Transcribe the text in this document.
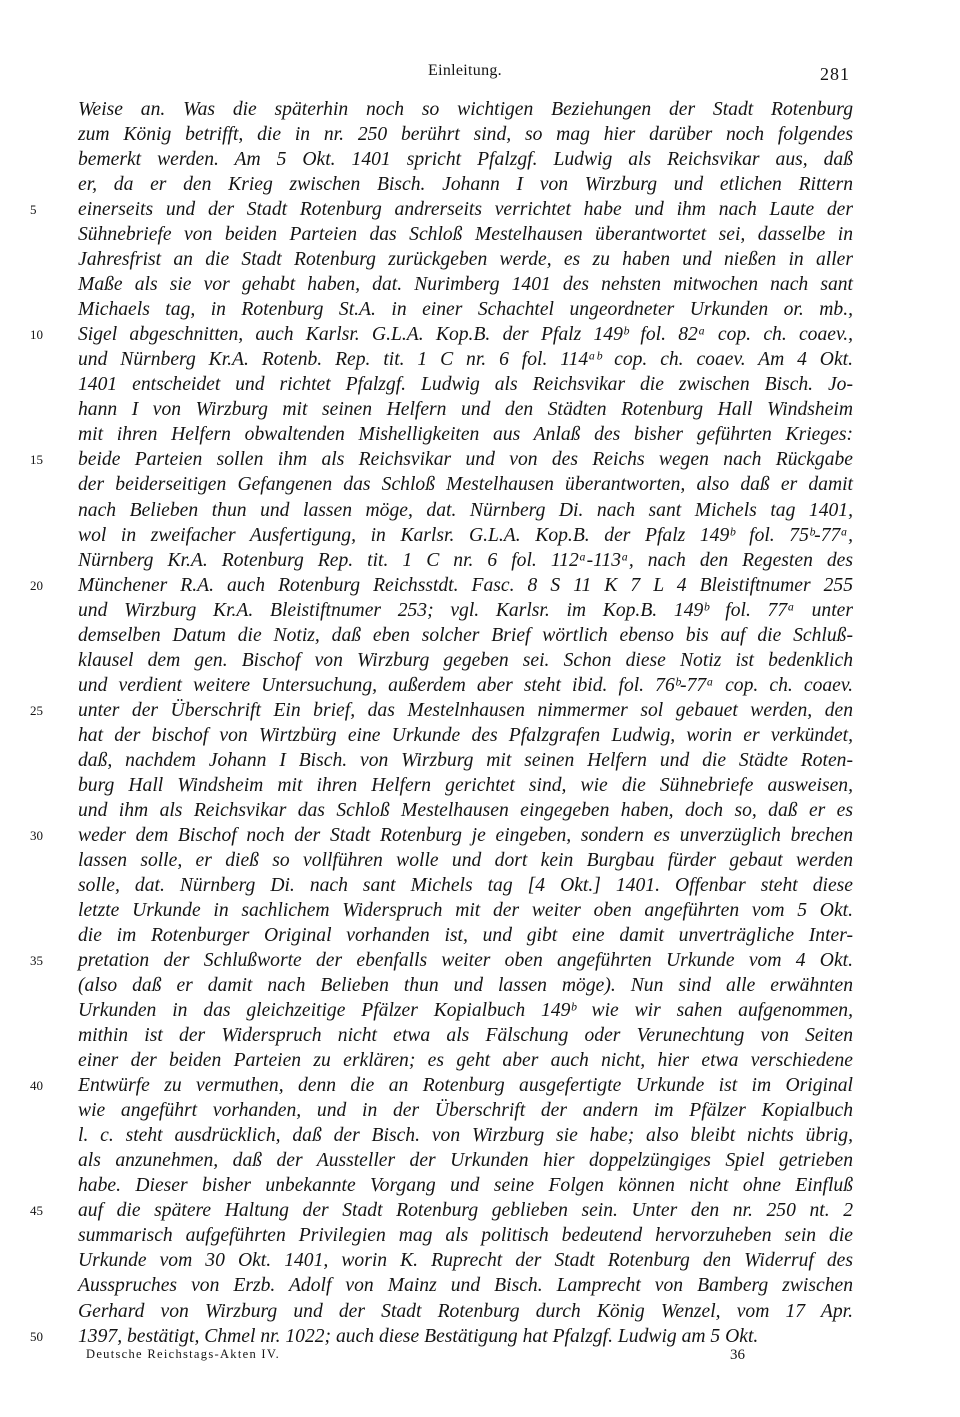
Einleitung.	281
Weise an. Was die späterhin noch so wichtigen Beziehungen der Stadt Rotenburg
zum König betrifft, die in nr. 250 berührt sind, so mag hier darüber noch folgendes
bemerkt werden. Am 5 Okt. 1401 spricht Pfalzgf. Ludwig als Reichsvikar aus, daß
er, da er den Krieg zwischen Bisch. Johann I von Wirzburg und etlichen Rittern
5	einerseits und der Stadt Rotenburg andrerseits verrichtet habe und ihm nach Laute der
Sühnebriefe von beiden Parteien das Schloß Mestelhausen überantwortet sei, dasselbe in
Jahresfrist an die Stadt Rotenburg zurückgeben werde, es zu haben und nießen in aller
Maße als sie vor gehabt haben, dat. Nurimberg 1401 des nehsten mitwochen nach sant
Michaels tag, in Rotenburg St.A. in einer Schachtel ungeordneter Urkunden or. mb.,
10	Sigel abgeschnitten, auch Karlsr. G.L.A. Kop.B. der Pfalz 149ᵇ fol. 82ᵃ cop. ch. coaev.,
und Nürnberg Kr.A. Rotenb. Rep. tit. 1 C nr. 6 fol. 114ᵃᵇ cop. ch. coaev. Am 4 Okt.
1401 entscheidet und richtet Pfalzgf. Ludwig als Reichsvikar die zwischen Bisch. Jo-
hann I von Wirzburg mit seinen Helfern und den Städten Rotenburg Hall Windsheim
mit ihren Helfern obwaltenden Mishelligkeiten aus Anlaß des bisher geführten Krieges:
15	beide Parteien sollen ihm als Reichsvikar und von des Reichs wegen nach Rückgabe
der beiderseitigen Gefangenen das Schloß Mestelhausen überantworten, also daß er damit
nach Belieben thun und lassen möge, dat. Nürnberg Di. nach sant Michels tag 1401,
wol in zweifacher Ausfertigung, in Karlsr. G.L.A. Kop.B. der Pfalz 149ᵇ fol. 75ᵇ-77ᵃ,
Nürnberg Kr.A. Rotenburg Rep. tit. 1 C nr. 6 fol. 112ᵃ-113ᵃ, nach den Regesten des
20	Münchener R.A. auch Rotenburg Reichsstdt. Fasc. 8 S 11 K 7 L 4 Bleistiftnumer 255
und Wirzburg Kr.A. Bleistiftnumer 253; vgl. Karlsr. im Kop.B. 149ᵇ fol. 77ᵃ unter
demselben Datum die Notiz, daß eben solcher Brief wörtlich ebenso bis auf die Schluß-
klausel dem gen. Bischof von Wirzburg gegeben sei. Schon diese Notiz ist bedenklich
und verdient weitere Untersuchung, außerdem aber steht ibid. fol. 76ᵇ-77ᵃ cop. ch. coaev.
25	unter der Überschrift Ein brief, das Mestelnhausen nimmermer sol gebauet werden, den
hat der bischof von Wirtzbürg eine Urkunde des Pfalzgrafen Ludwig, worin er verkündet,
daß, nachdem Johann I Bisch. von Wirzburg mit seinen Helfern und die Städte Roten-
burg Hall Windsheim mit ihren Helfern gerichtet sind, wie die Sühnebriefe ausweisen,
und ihm als Reichsvikar das Schloß Mestelhausen eingegeben haben, doch so, daß er es
30	weder dem Bischof noch der Stadt Rotenburg je eingeben, sondern es unverzüglich brechen
lassen solle, er dieß so vollführen wolle und dort kein Burgbau fürder gebaut werden
solle, dat. Nürnberg Di. nach sant Michels tag [4 Okt.] 1401. Offenbar steht diese
letzte Urkunde in sachlichem Widerspruch mit der weiter oben angeführten vom 5 Okt.
die im Rotenburger Original vorhanden ist, und gibt eine damit unverträgliche Inter-
35	pretation der Schlußworte der ebenfalls weiter oben angeführten Urkunde vom 4 Okt.
(also daß er damit nach Belieben thun und lassen möge). Nun sind alle erwähnten
Urkunden in das gleichzeitige Pfälzer Kopialbuch 149ᵇ wie wir sahen aufgenommen,
mithin ist der Widerspruch nicht etwa als Fälschung oder Verunechtung von Seiten
einer der beiden Parteien zu erklären; es geht aber auch nicht, hier etwa verschiedene
40	Entwürfe zu vermuthen, denn die an Rotenburg ausgefertigte Urkunde ist im Original
wie angeführt vorhanden, und in der Überschrift der andern im Pfälzer Kopialbuch
l. c. steht ausdrücklich, daß der Bisch. von Wirzburg sie habe; also bleibt nichts übrig,
als anzunehmen, daß der Aussteller der Urkunden hier doppelzüngiges Spiel getrieben
habe. Dieser bisher unbekannte Vorgang und seine Folgen können nicht ohne Einfluß
45	auf die spätere Haltung der Stadt Rotenburg geblieben sein. Unter den nr. 250 nt. 2
summarisch aufgeführten Privilegien mag als politisch bedeutend hervorzuheben sein die
Urkunde vom 30 Okt. 1401, worin K. Ruprecht der Stadt Rotenburg den Widerruf des
Ausspruches von Erzb. Adolf von Mainz und Bisch. Lamprecht von Bamberg zwischen
Gerhard von Wirzburg und der Stadt Rotenburg durch König Wenzel, vom 17 Apr.
50	1397, bestätigt, Chmel nr. 1022; auch diese Bestätigung hat Pfalzgf. Ludwig am 5 Okt.
Deutsche Reichstags-Akten IV.	36
